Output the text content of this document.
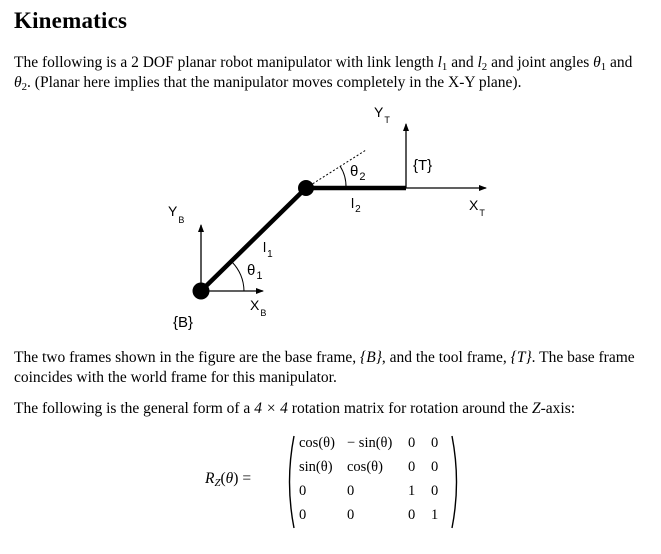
Kinematics

The following is a 2 DOF planar robot manipulator with link length $l_1$ and $l_2$ and joint angles $\theta_1$ and $\theta_2$. (Planar here implies that the manipulator moves completely in the X-Y plane).

$Y_T$
{T}
$X_T$
$\theta_2$
$l_2$
$Y_B$
$l_1$
$\theta_1$
$X_B$
{B}

The two frames shown in the figure are the base frame, {B}, and the tool frame, {T}. The base frame coincides with the world frame for this manipulator.

The following is the general form of a 4 × 4 rotation matrix for rotation around the Z-axis:

$R_Z(\theta)$ =
cos(θ) − sin(θ) 0 0
sin(θ) cos(θ) 0 0
0	0	1 0
0	0	0 1
